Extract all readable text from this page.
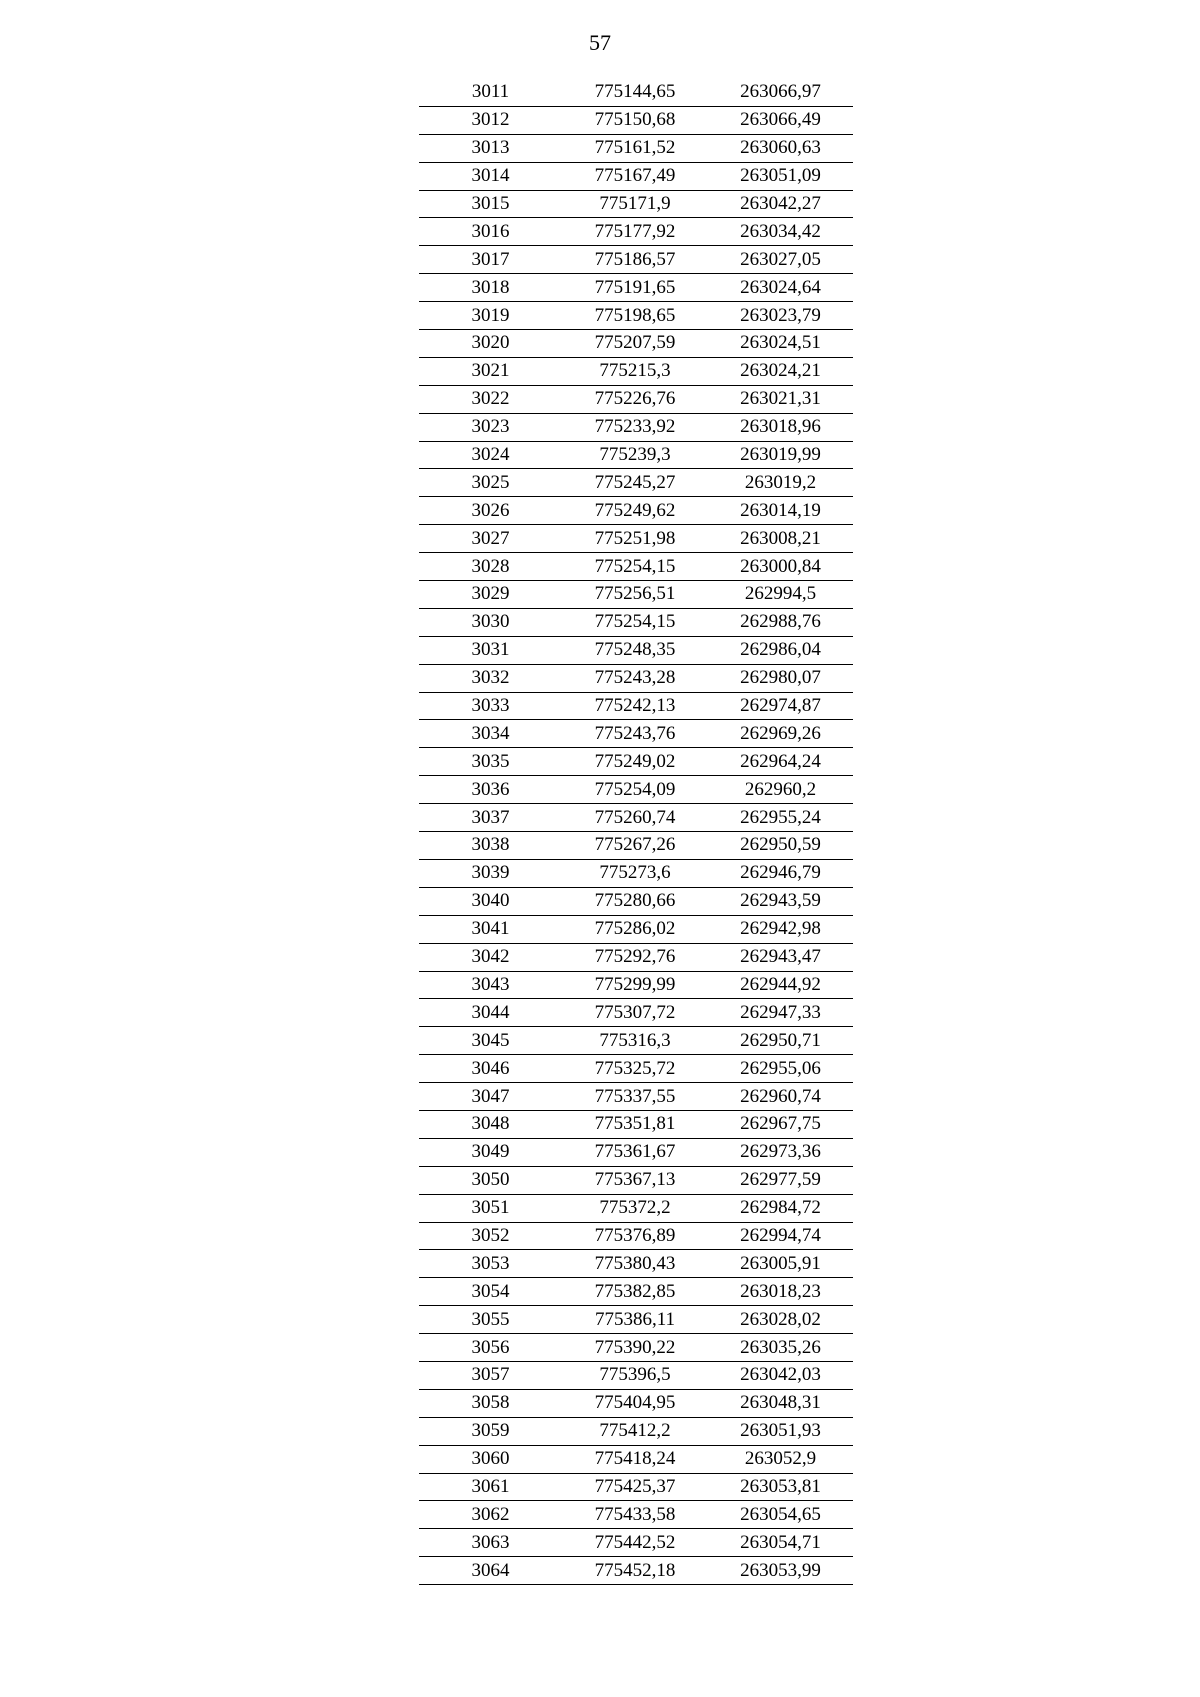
57
3011	775144,65	263066,97
3012	775150,68	263066,49
3013	775161,52	263060,63
3014	775167,49	263051,09
3015	775171,9	263042,27
3016	775177,92	263034,42
3017	775186,57	263027,05
3018	775191,65	263024,64
3019	775198,65	263023,79
3020	775207,59	263024,51
3021	775215,3	263024,21
3022	775226,76	263021,31
3023	775233,92	263018,96
3024	775239,3	263019,99
3025	775245,27	263019,2
3026	775249,62	263014,19
3027	775251,98	263008,21
3028	775254,15	263000,84
3029	775256,51	262994,5
3030	775254,15	262988,76
3031	775248,35	262986,04
3032	775243,28	262980,07
3033	775242,13	262974,87
3034	775243,76	262969,26
3035	775249,02	262964,24
3036	775254,09	262960,2
3037	775260,74	262955,24
3038	775267,26	262950,59
3039	775273,6	262946,79
3040	775280,66	262943,59
3041	775286,02	262942,98
3042	775292,76	262943,47
3043	775299,99	262944,92
3044	775307,72	262947,33
3045	775316,3	262950,71
3046	775325,72	262955,06
3047	775337,55	262960,74
3048	775351,81	262967,75
3049	775361,67	262973,36
3050	775367,13	262977,59
3051	775372,2	262984,72
3052	775376,89	262994,74
3053	775380,43	263005,91
3054	775382,85	263018,23
3055	775386,11	263028,02
3056	775390,22	263035,26
3057	775396,5	263042,03
3058	775404,95	263048,31
3059	775412,2	263051,93
3060	775418,24	263052,9
3061	775425,37	263053,81
3062	775433,58	263054,65
3063	775442,52	263054,71
3064	775452,18	263053,99
